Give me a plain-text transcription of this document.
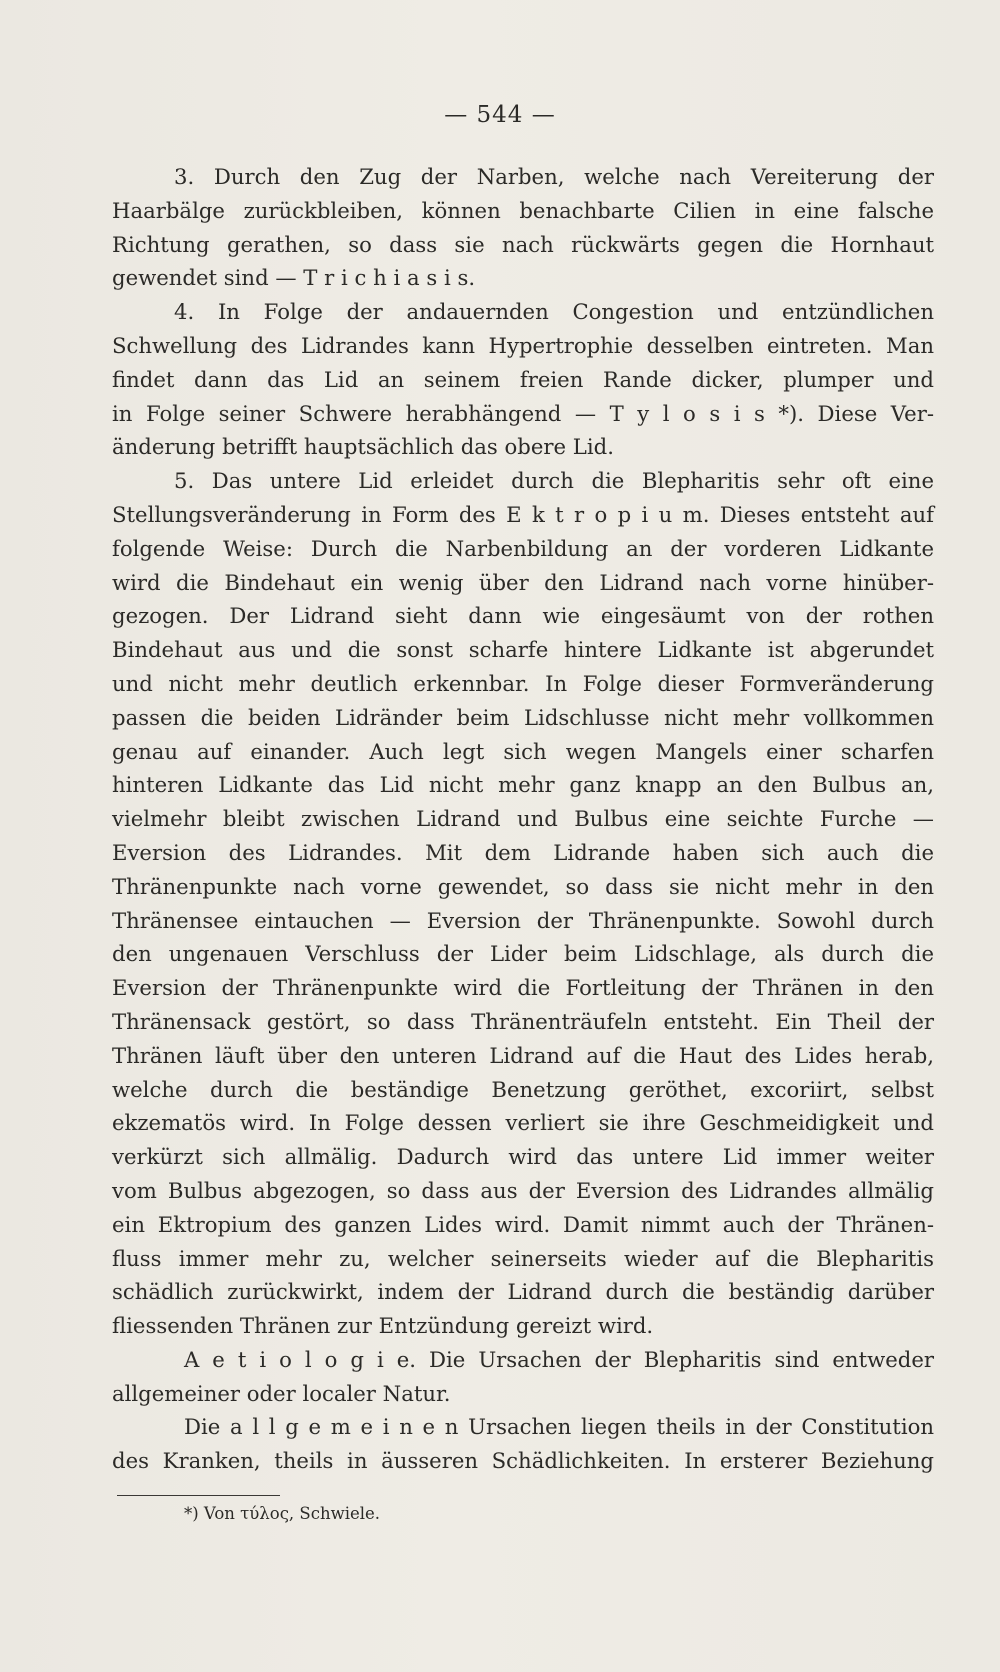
— 544 —
3. Durch den Zug der Narben, welche nach Vereiterung der
Haarbälge zurückbleiben, können benachbarte Cilien in eine falsche
Richtung gerathen, so dass sie nach rückwärts gegen die Hornhaut
gewendet sind — T r i c h i a s i s.
4. In Folge der andauernden Congestion und entzündlichen
Schwellung des Lidrandes kann Hypertrophie desselben eintreten. Man
findet dann das Lid an seinem freien Rande dicker, plumper und
in Folge seiner Schwere herabhängend — T y l o s i s *). Diese Ver-
änderung betrifft hauptsächlich das obere Lid.
5. Das untere Lid erleidet durch die Blepharitis sehr oft eine
Stellungsveränderung in Form des E k t r o p i u m. Dieses entsteht auf
folgende Weise: Durch die Narbenbildung an der vorderen Lidkante
wird die Bindehaut ein wenig über den Lidrand nach vorne hinüber-
gezogen. Der Lidrand sieht dann wie eingesäumt von der rothen
Bindehaut aus und die sonst scharfe hintere Lidkante ist abgerundet
und nicht mehr deutlich erkennbar. In Folge dieser Formveränderung
passen die beiden Lidränder beim Lidschlusse nicht mehr vollkommen
genau auf einander. Auch legt sich wegen Mangels einer scharfen
hinteren Lidkante das Lid nicht mehr ganz knapp an den Bulbus an,
vielmehr bleibt zwischen Lidrand und Bulbus eine seichte Furche —
Eversion des Lidrandes. Mit dem Lidrande haben sich auch die
Thränenpunkte nach vorne gewendet, so dass sie nicht mehr in den
Thränensee eintauchen — Eversion der Thränenpunkte. Sowohl durch
den ungenauen Verschluss der Lider beim Lidschlage, als durch die
Eversion der Thränenpunkte wird die Fortleitung der Thränen in den
Thränensack gestört, so dass Thränenträufeln entsteht. Ein Theil der
Thränen läuft über den unteren Lidrand auf die Haut des Lides herab,
welche durch die beständige Benetzung geröthet, excoriirt, selbst
ekzematös wird. In Folge dessen verliert sie ihre Geschmeidigkeit und
verkürzt sich allmälig. Dadurch wird das untere Lid immer weiter
vom Bulbus abgezogen, so dass aus der Eversion des Lidrandes allmälig
ein Ektropium des ganzen Lides wird. Damit nimmt auch der Thränen-
fluss immer mehr zu, welcher seinerseits wieder auf die Blepharitis
schädlich zurückwirkt, indem der Lidrand durch die beständig darüber
fliessenden Thränen zur Entzündung gereizt wird.
A e t i o l o g i e. Die Ursachen der Blepharitis sind entweder
allgemeiner oder localer Natur.
Die a l l g e m e i n e n Ursachen liegen theils in der Constitution
des Kranken, theils in äusseren Schädlichkeiten. In ersterer Beziehung
*) Von τύλος, Schwiele.
